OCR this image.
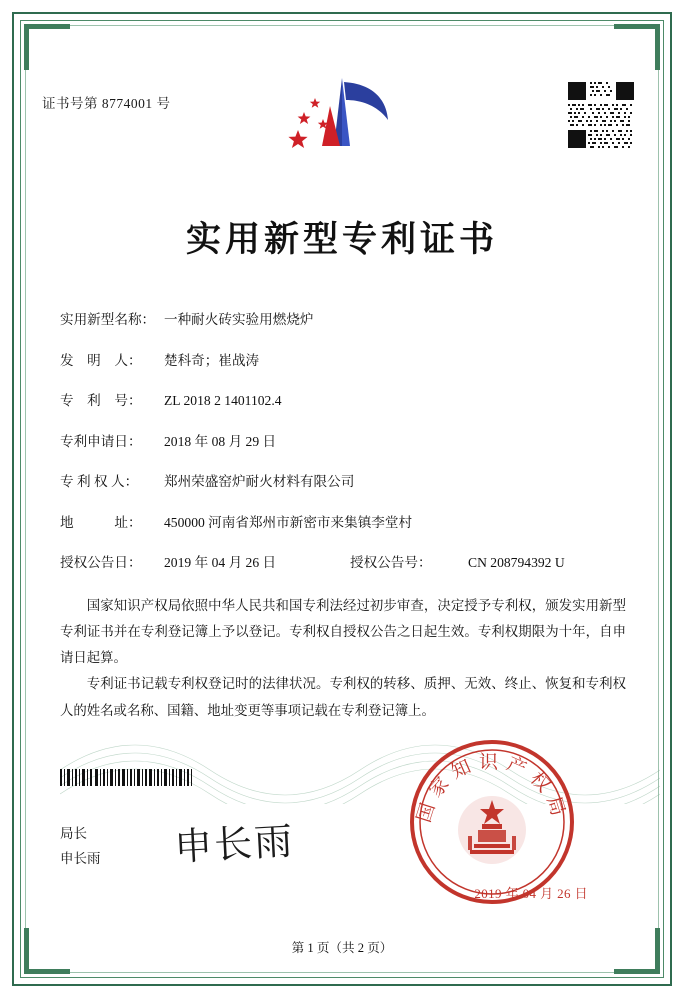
证书号第 8774001 号
实用新型专利证书
实用新型名称： 一种耐火砖实验用燃烧炉
发　明　人：	楚科奇；崔战涛
专　利　号：	ZL 2018 2 1401102.4
专利申请日：	2018 年 08 月 29 日
专 利 权 人：	郑州荣盛窑炉耐火材料有限公司
地　　　址：	450000 河南省郑州市新密市来集镇李堂村
授权公告日：	2019 年 04 月 26 日	授权公告号：	CN 208794392 U

国家知识产权局依照中华人民共和国专利法经过初步审查，决定授予专利权，颁发实用新型专利证书并在专利登记簿上予以登记。专利权自授权公告之日起生效。专利权期限为十年，自申请日起算。

专利证书记载专利权登记时的法律状况。专利权的转移、质押、无效、终止、恢复和专利权人的姓名或名称、国籍、地址变更等事项记载在专利登记簿上。

局长
申长雨 申长雨
国家知识产权局
2019 年 04 月 26 日
第 1 页（共 2 页）
